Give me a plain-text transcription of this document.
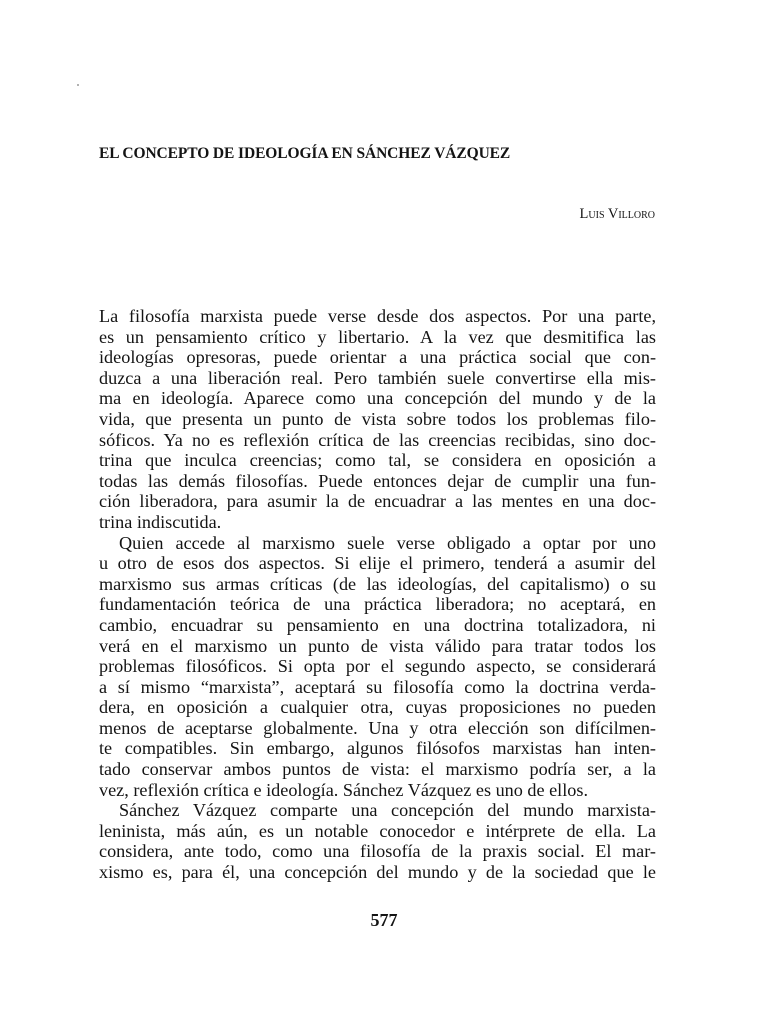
EL CONCEPTO DE IDEOLOGÍA EN SÁNCHEZ VÁZQUEZ

Luis Villoro

La filosofía marxista puede verse desde dos aspectos. Por una parte,
es un pensamiento crítico y libertario. A la vez que desmitifica las
ideologías opresoras, puede orientar a una práctica social que con-
duzca a una liberación real. Pero también suele convertirse ella mis-
ma en ideología. Aparece como una concepción del mundo y de la
vida, que presenta un punto de vista sobre todos los problemas filo-
sóficos. Ya no es reflexión crítica de las creencias recibidas, sino doc-
trina que inculca creencias; como tal, se considera en oposición a
todas las demás filosofías. Puede entonces dejar de cumplir una fun-
ción liberadora, para asumir la de encuadrar a las mentes en una doc-
trina indiscutida.
Quien accede al marxismo suele verse obligado a optar por uno
u otro de esos dos aspectos. Si elije el primero, tenderá a asumir del
marxismo sus armas críticas (de las ideologías, del capitalismo) o su
fundamentación teórica de una práctica liberadora; no aceptará, en
cambio, encuadrar su pensamiento en una doctrina totalizadora, ni
verá en el marxismo un punto de vista válido para tratar todos los
problemas filosóficos. Si opta por el segundo aspecto, se considerará
a sí mismo “marxista”, aceptará su filosofía como la doctrina verda-
dera, en oposición a cualquier otra, cuyas proposiciones no pueden
menos de aceptarse globalmente. Una y otra elección son difícilmen-
te compatibles. Sin embargo, algunos filósofos marxistas han inten-
tado conservar ambos puntos de vista: el marxismo podría ser, a la
vez, reflexión crítica e ideología. Sánchez Vázquez es uno de ellos.
Sánchez Vázquez comparte una concepción del mundo marxista-
leninista, más aún, es un notable conocedor e intérprete de ella. La
considera, ante todo, como una filosofía de la praxis social. El mar-
xismo es, para él, una concepción del mundo y de la sociedad que le
577
